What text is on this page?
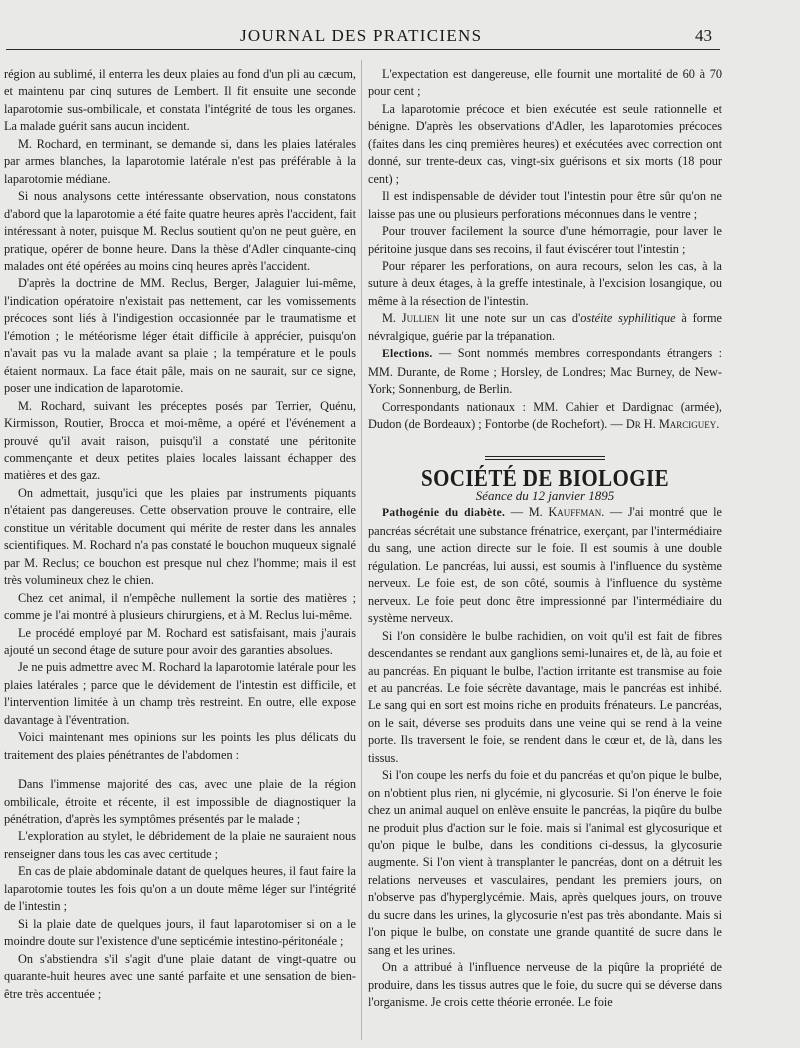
JOURNAL DES PRATICIENS	43

région au sublimé, il enterra les deux plaies au fond d'un pli au cæcum, et maintenu par cinq sutures de Lembert. Il fit ensuite une seconde laparotomie sus-ombilicale, et constata l'intégrité de tous les organes. La malade guérit sans aucun incident.

M. Rochard, en terminant, se demande si, dans les plaies latérales par armes blanches, la laparotomie latérale n'est pas préférable à la laparotomie médiane.

Si nous analysons cette intéressante observation, nous constatons d'abord que la laparotomie a été faite quatre heures après l'accident, fait intéressant à noter, puisque M. Reclus soutient qu'on ne peut guère, en pratique, opérer de bonne heure. Dans la thèse d'Adler cinquante-cinq malades ont été opérées au moins cinq heures après l'accident.

D'après la doctrine de MM. Reclus, Berger, Jalaguier lui-même, l'indication opératoire n'existait pas nettement, car les vomissements précoces sont liés à l'indigestion occasionnée par le traumatisme et l'émotion ; le météorisme léger était difficile à apprécier, puisqu'on n'avait pas vu la malade avant sa plaie ; la température et le pouls étaient normaux. La face était pâle, mais on ne saurait, sur ce signe, poser une indication de laparotomie.

M. Rochard, suivant les préceptes posés par Terrier, Quénu, Kirmisson, Routier, Brocca et moi-même, a opéré et l'événement a prouvé qu'il avait raison, puisqu'il a constaté une péritonite commençante et deux petites plaies locales laissant échapper des matières et des gaz.

On admettait, jusqu'ici que les plaies par instruments piquants n'étaient pas dangereuses. Cette observation prouve le contraire, elle constitue un véritable document qui mérite de rester dans les annales scientifiques. M. Rochard n'a pas constaté le bouchon muqueux signalé par M. Reclus; ce bouchon est presque nul chez l'homme; mais il est très volumineux chez le chien.

Chez cet animal, il n'empêche nullement la sortie des matières ; comme je l'ai montré à plusieurs chirurgiens, et à M. Reclus lui-même.

Le procédé employé par M. Rochard est satisfaisant, mais j'aurais ajouté un second étage de suture pour avoir des garanties absolues.

Je ne puis admettre avec M. Rochard la laparotomie latérale pour les plaies latérales ; parce que le dévidement de l'intestin est difficile, et l'intervention limitée à un champ très restreint. En outre, elle expose davantage à l'éventration.

Voici maintenant mes opinions sur les points les plus délicats du traitement des plaies pénétrantes de l'abdomen :

Dans l'immense majorité des cas, avec une plaie de la région ombilicale, étroite et récente, il est impossible de diagnostiquer la pénétration, d'après les symptômes présentés par le malade ;

L'exploration au stylet, le débridement de la plaie ne sauraient nous renseigner dans tous les cas avec certitude ;

En cas de plaie abdominale datant de quelques heures, il faut faire la laparotomie toutes les fois qu'on a un doute même léger sur l'intégrité de l'intestin ;

Si la plaie date de quelques jours, il faut laparotomiser si on a le moindre doute sur l'existence d'une septicémie intestino-péritonéale ;

On s'abstiendra s'il s'agit d'une plaie datant de vingt-quatre ou quarante-huit heures avec une santé parfaite et une sensation de bien-être très accentuée ;

L'expectation est dangereuse, elle fournit une mortalité de 60 à 70 pour cent ;

La laparotomie précoce et bien exécutée est seule rationnelle et bénigne. D'après les observations d'Adler, les laparotomies précoces (faites dans les cinq premières heures) et exécutées avec correction ont donné, sur trente-deux cas, vingt-six guérisons et six morts (18 pour cent) ;

Il est indispensable de dévider tout l'intestin pour être sûr qu'on ne laisse pas une ou plusieurs perforations méconnues dans le ventre ;

Pour trouver facilement la source d'une hémorragie, pour laver le péritoine jusque dans ses recoins, il faut éviscérer tout l'intestin ;

Pour réparer les perforations, on aura recours, selon les cas, à la suture à deux étages, à la greffe intestinale, à l'excision losangique, ou même à la résection de l'intestin.

M. Jullien lit une note sur un cas d'ostéite syphilitique à forme névralgique, guérie par la trépanation.

Elections. — Sont nommés membres correspondants étrangers : MM. Durante, de Rome ; Horsley, de Londres; Mac Burney, de New-York; Sonnenburg, de Berlin.

Correspondants nationaux : MM. Cahier et Dardignac (armée), Dudon (de Bordeaux) ; Fontorbe (de Rochefort). — Dr H. Marciguey.

SOCIÉTÉ DE BIOLOGIE

Séance du 12 janvier 1895

Pathogénie du diabète. — M. Kauffman. — J'ai montré que le pancréas sécrétait une substance frénatrice, exerçant, par l'intermédiaire du sang, une action directe sur le foie. Il est soumis à une double régulation. Le pancréas, lui aussi, est soumis à l'influence du système nerveux. Le foie est, de son côté, soumis à l'influence du système nerveux. Le foie peut donc être impressionné par l'intermédiaire du système nerveux.

Si l'on considère le bulbe rachidien, on voit qu'il est fait de fibres descendantes se rendant aux ganglions semi-lunaires et, de là, au foie et au pancréas. En piquant le bulbe, l'action irritante est transmise au foie et au pancréas. Le foie sécrète davantage, mais le pancréas est inhibé. Le sang qui en sort est moins riche en produits frénateurs. Le pancréas, on le sait, déverse ses produits dans une veine qui se rend à la veine porte. Ils traversent le foie, se rendent dans le cœur et, de là, dans les tissus.

Si l'on coupe les nerfs du foie et du pancréas et qu'on pique le bulbe, on n'obtient plus rien, ni glycémie, ni glycosurie. Si l'on énerve le foie chez un animal auquel on enlève ensuite le pancréas, la piqûre du bulbe ne produit plus d'action sur le foie. mais si l'animal est glycosurique et qu'on pique le bulbe, dans les conditions ci-dessus, la glycosurie augmente. Si l'on vient à transplanter le pancréas, dont on a détruit les relations nerveuses et vasculaires, pendant les premiers jours, on n'observe pas d'hyperglycémie. Mais, après quelques jours, on trouve du sucre dans les urines, la glycosurie n'est pas très abondante. Mais si l'on pique le bulbe, on constate une grande quantité de sucre dans le sang et les urines.

On a attribué à l'influence nerveuse de la piqûre la propriété de produire, dans les tissus autres que le foie, du sucre qui se déverse dans l'organisme. Je crois cette théorie erronée. Le foie
